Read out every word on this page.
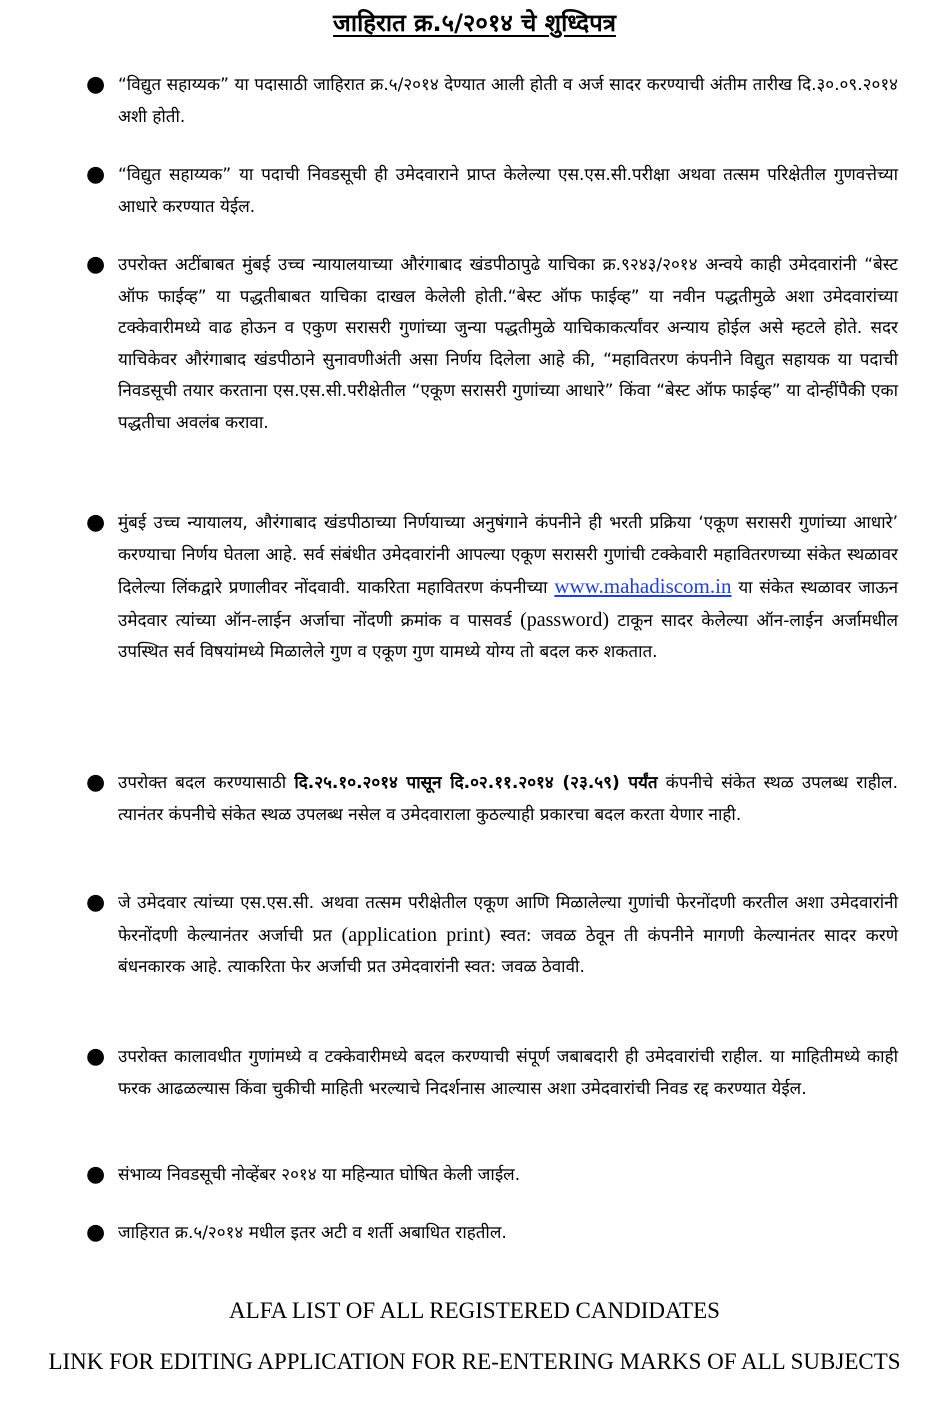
जाहिरात क्र.५/२०१४ चे शुध्दिपत्र
● “विद्युत सहाय्यक” या पदासाठी जाहिरात क्र.५/२०१४ देण्यात आली होती व अर्ज सादर करण्याची अंतीम तारीख दि.३०.०९.२०१४ अशी होती.
● “विद्युत सहाय्यक” या पदाची निवडसूची ही उमेदवाराने प्राप्त केलेल्या एस.एस.सी.परीक्षा अथवा तत्सम परिक्षेतील गुणवत्तेच्या आधारे करण्यात येईल.
● उपरोक्त अटींबाबत मुंबई उच्च न्यायालयाच्या औरंगाबाद खंडपीठापुढे याचिका क्र.९२४३/२०१४ अन्वये काही उमेदवारांनी “बेस्ट ऑफ फाईव्ह” या पद्धतीबाबत याचिका दाखल केलेली होती.“बेस्ट ऑफ फाईव्ह” या नवीन पद्धतीमुळे अशा उमेदवारांच्या टक्केवारीमध्ये वाढ होऊन व एकुण सरासरी गुणांच्या जुन्या पद्धतीमुळे याचिकाकर्त्यांवर अन्याय होईल असे म्हटले होते. सदर याचिकेवर औरंगाबाद खंडपीठाने सुनावणीअंती असा निर्णय दिलेला आहे की, “महावितरण कंपनीने विद्युत सहायक या पदाची निवडसूची तयार करताना एस.एस.सी.परीक्षेतील “एकूण सरासरी गुणांच्या आधारे” किंवा “बेस्ट ऑफ फाईव्ह” या दोन्हींपैकी एका पद्धतीचा अवलंब करावा.
● मुंबई उच्च न्यायालय, औरंगाबाद खंडपीठाच्या निर्णयाच्या अनुषंगाने कंपनीने ही भरती प्रक्रिया ‘एकूण सरासरी गुणांच्या आधारे’ करण्याचा निर्णय घेतला आहे. सर्व संबंधीत उमेदवारांनी आपल्या एकूण सरासरी गुणांची टक्केवारी महावितरणच्या संकेत स्थळावर दिलेल्या लिंकद्वारे प्रणालीवर नोंदवावी. याकरिता महावितरण कंपनीच्या www.mahadiscom.in या संकेत स्थळावर जाऊन उमेदवार त्यांच्या ऑन-लाईन अर्जाचा नोंदणी क्रमांक व पासवर्ड (password) टाकून सादर केलेल्या ऑन-लाईन अर्जामधील उपस्थित सर्व विषयांमध्ये मिळालेले गुण व एकूण गुण यामध्ये योग्य तो बदल करु शकतात.
● उपरोक्त बदल करण्यासाठी दि.२५.१०.२०१४ पासून दि.०२.११.२०१४ (२३.५९) पर्यंत कंपनीचे संकेत स्थळ उपलब्ध राहील. त्यानंतर कंपनीचे संकेत स्थळ उपलब्ध नसेल व उमेदवाराला कुठल्याही प्रकारचा बदल करता येणार नाही.
● जे उमेदवार त्यांच्या एस.एस.सी. अथवा तत्सम परीक्षेतील एकूण आणि मिळालेल्या गुणांची फेरनोंदणी करतील अशा उमेदवारांनी फेरनोंदणी केल्यानंतर अर्जाची प्रत (application print) स्वत: जवळ ठेवून ती कंपनीने मागणी केल्यानंतर सादर करणे बंधनकारक आहे. त्याकरिता फेर अर्जाची प्रत उमेदवारांनी स्वत: जवळ ठेवावी.
● उपरोक्त कालावधीत गुणांमध्ये व टक्केवारीमध्ये बदल करण्याची संपूर्ण जबाबदारी ही उमेदवारांची राहील. या माहितीमध्ये काही फरक आढळल्यास किंवा चुकीची माहिती भरल्याचे निदर्शनास आल्यास अशा उमेदवारांची निवड रद्द करण्यात येईल.
● संभाव्य निवडसूची नोव्हेंबर २०१४ या महिन्यात घोषित केली जाईल.
● जाहिरात क्र.५/२०१४ मधील इतर अटी व शर्ती अबाधित राहतील.
ALFA LIST OF ALL REGISTERED CANDIDATES
LINK FOR EDITING APPLICATION FOR RE-ENTERING MARKS OF ALL SUBJECTS
